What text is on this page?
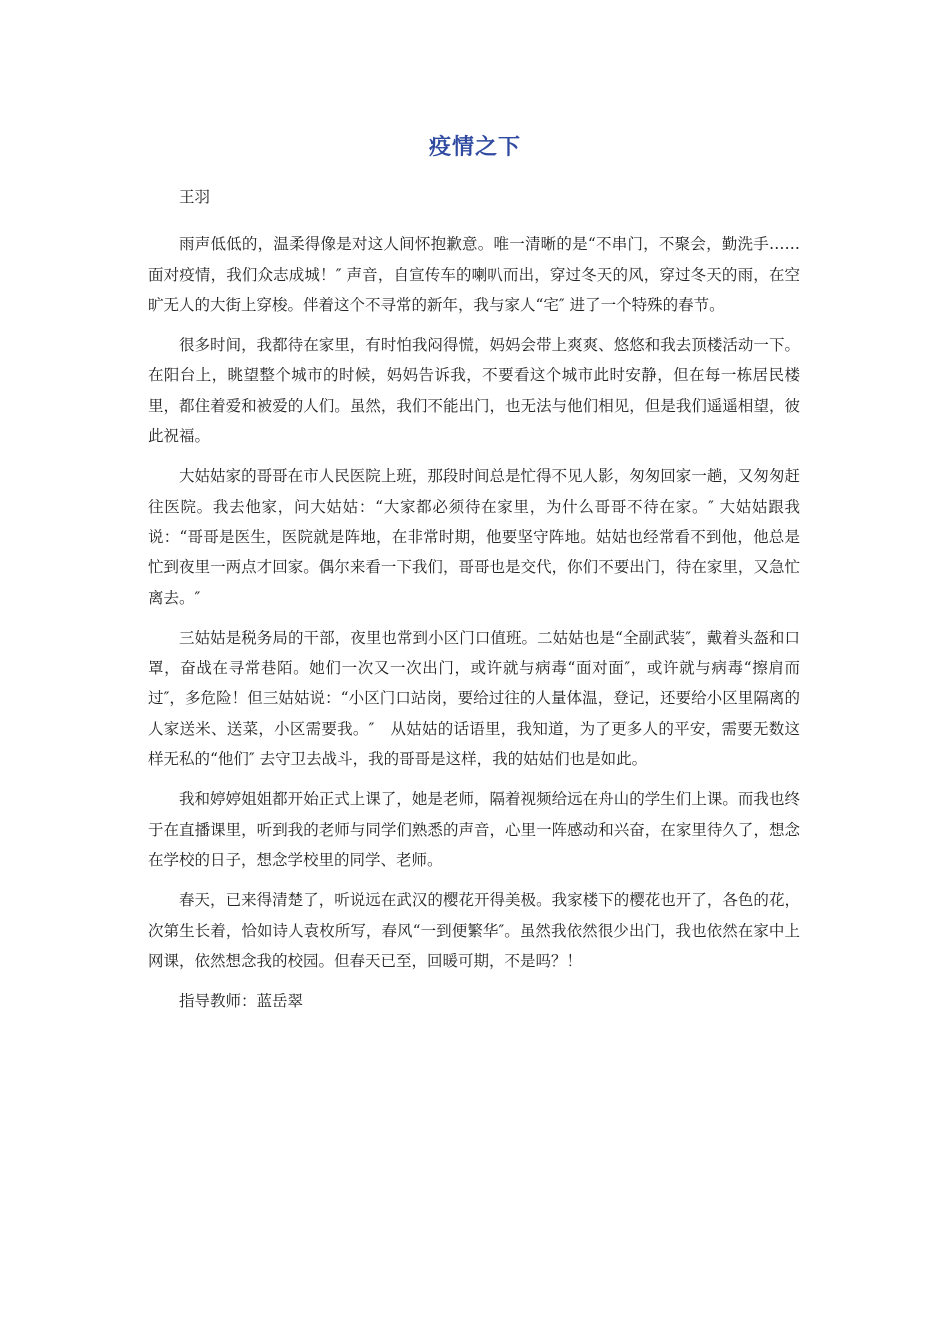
疫情之下

王羽

雨声低低的，温柔得像是对这人间怀抱歉意。唯一清晰的是“不串门，不聚会，勤洗手……面对疫情，我们众志成城！″ 声音，自宣传车的喇叭而出，穿过冬天的风，穿过冬天的雨，在空旷无人的大街上穿梭。伴着这个不寻常的新年，我与家人“宅″ 进了一个特殊的春节。

很多时间，我都待在家里，有时怕我闷得慌，妈妈会带上爽爽、悠悠和我去顶楼活动一下。在阳台上，眺望整个城市的时候，妈妈告诉我，不要看这个城市此时安静，但在每一栋居民楼里，都住着爱和被爱的人们。虽然，我们不能出门，也无法与他们相见，但是我们遥遥相望，彼此祝福。

大姑姑家的哥哥在市人民医院上班，那段时间总是忙得不见人影，匆匆回家一趟，又匆匆赶往医院。我去他家，问大姑姑：“大家都必须待在家里，为什么哥哥不待在家。″ 大姑姑跟我说：“哥哥是医生，医院就是阵地，在非常时期，他要坚守阵地。姑姑也经常看不到他，他总是忙到夜里一两点才回家。偶尔来看一下我们，哥哥也是交代，你们不要出门，待在家里，又急忙离去。″

三姑姑是税务局的干部，夜里也常到小区门口值班。二姑姑也是“全副武装″，戴着头盔和口罩，奋战在寻常巷陌。她们一次又一次出门，或许就与病毒“面对面″，或许就与病毒“擦肩而过″，多危险！但三姑姑说：“小区门口站岗，要给过往的人量体温，登记，还要给小区里隔离的人家送米、送菜，小区需要我。″　从姑姑的话语里，我知道，为了更多人的平安，需要无数这样无私的“他们″ 去守卫去战斗，我的哥哥是这样，我的姑姑们也是如此。

我和婷婷姐姐都开始正式上课了，她是老师，隔着视频给远在舟山的学生们上课。而我也终于在直播课里，听到我的老师与同学们熟悉的声音，心里一阵感动和兴奋，在家里待久了，想念在学校的日子，想念学校里的同学、老师。

春天，已来得清楚了，听说远在武汉的樱花开得美极。我家楼下的樱花也开了，各色的花，次第生长着，恰如诗人袁枚所写，春风“一到便繁华″。虽然我依然很少出门，我也依然在家中上网课，依然想念我的校园。但春天已至，回暖可期，不是吗？！

指导教师：蓝岳翠
